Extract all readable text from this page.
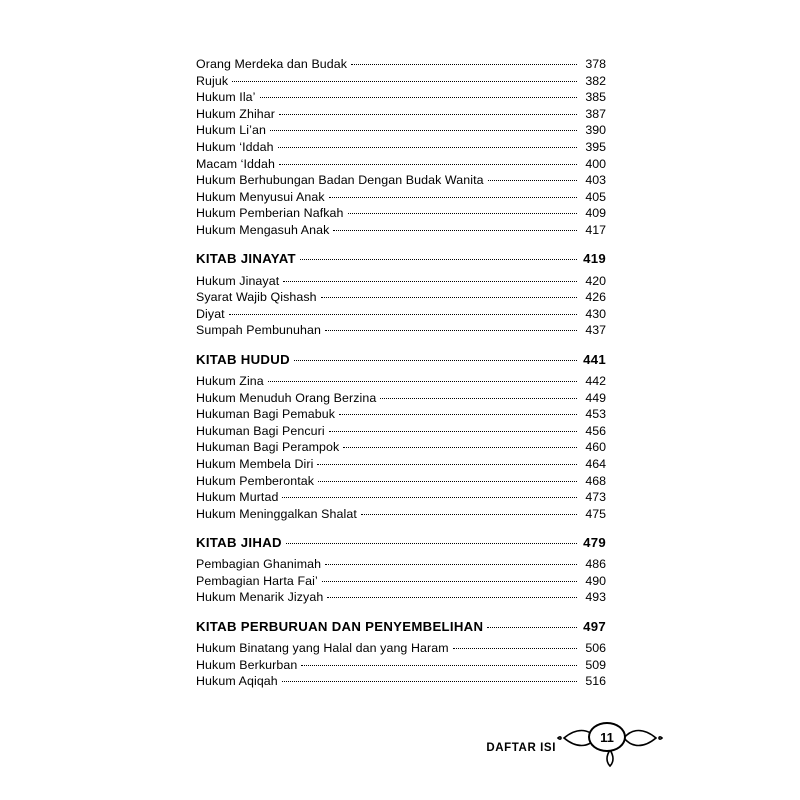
Orang Merdeka dan Budak	378
Rujuk	382
Hukum Ila’	385
Hukum Zhihar	387
Hukum Li’an	390
Hukum ‘Iddah	395
Macam ‘Iddah	400
Hukum Berhubungan Badan Dengan Budak Wanita	403
Hukum Menyusui Anak	405
Hukum Pemberian Nafkah	409
Hukum Mengasuh Anak	417
KITAB JINAYAT	419
Hukum Jinayat	420
Syarat Wajib Qishash	426
Diyat	430
Sumpah Pembunuhan	437
KITAB HUDUD	441
Hukum Zina	442
Hukum Menuduh Orang Berzina	449
Hukuman Bagi Pemabuk	453
Hukuman Bagi Pencuri	456
Hukuman Bagi Perampok	460
Hukum Membela Diri	464
Hukum Pemberontak	468
Hukum Murtad	473
Hukum Meninggalkan Shalat	475
KITAB JIHAD	479
Pembagian Ghanimah	486
Pembagian Harta Fai’	490
Hukum Menarik Jizyah	493
KITAB PERBURUAN DAN PENYEMBELIHAN	497
Hukum Binatang yang Halal dan yang Haram	506
Hukum Berkurban	509
Hukum Aqiqah	516
DAFTAR ISI
11
